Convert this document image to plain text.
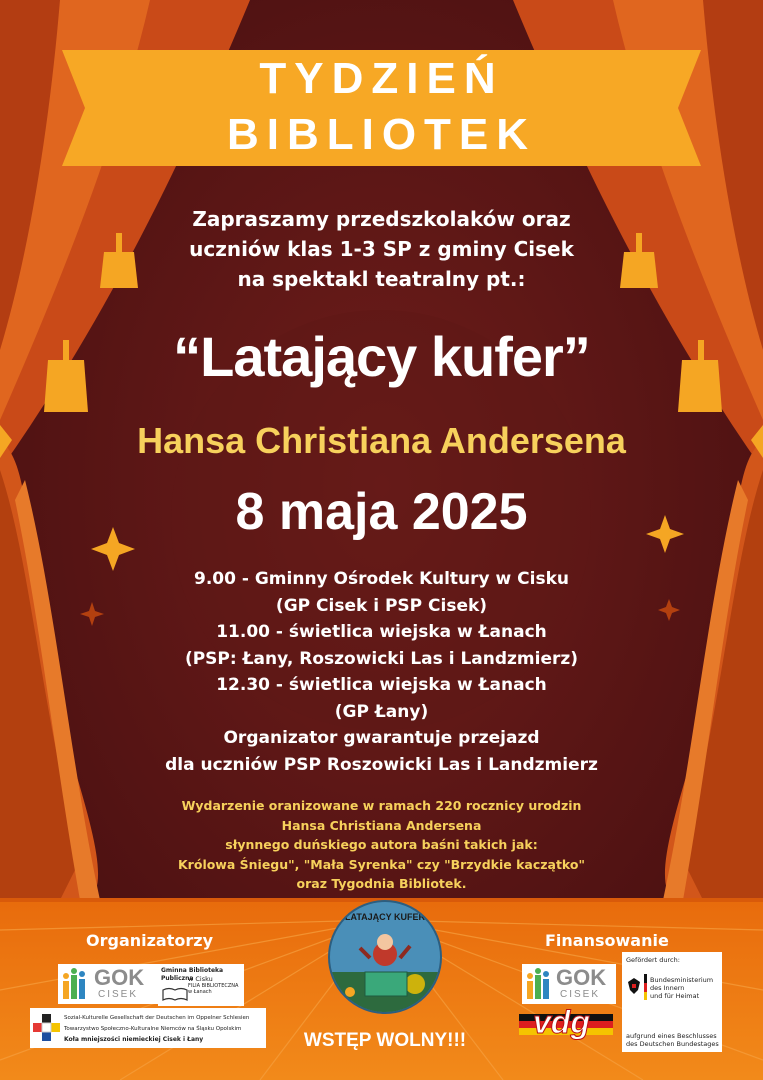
TYDZIEŃ
BIBLIOTEK
Zapraszamy przedszkolaków oraz
uczniów klas 1-3 SP z gminy Cisek
na spektakl teatralny pt.:
“Latający kufer”
Hansa Christiana Andersena
8 maja 2025
9.00 - Gminny Ośrodek Kultury w Cisku
(GP Cisek i PSP Cisek)
11.00 - świetlica wiejska w Łanach
(PSP: Łany, Roszowicki Las i Landzmierz)
12.30 - świetlica wiejska w Łanach
(GP Łany)
Organizator gwarantuje przejazd
dla uczniów PSP Roszowicki Las i Landzmierz
Wydarzenie oranizowane w ramach 220 rocznicy urodzin
Hansa Christiana Andersena
słynnego duńskiego autora baśni takich jak:
Królowa Śniegu", "Mała Syrenka" czy "Brzydkie kaczątko"
oraz Tygodnia Bibliotek.
Organizatorzy	Finansowanie
GOK
CISEK
Gminna Biblioteka Publiczna
w Cisku
FILIA BIBLIOTECZNA
w Łanach
Sozial-Kulturelle Gesellschaft der Deutschen im Oppelner Schlesien
Towarzystwo Społeczno-Kulturalne Niemców na Śląsku Opolskim
Koła mniejszości niemieckiej Cisek i Łany
LATAJĄCY KUFER
WSTĘP WOLNY!!!
GOK
CISEK
vdg
Gefördert durch:
Bundesministerium
des Innern
und für Heimat
aufgrund eines Beschlusses
des Deutschen Bundestages
